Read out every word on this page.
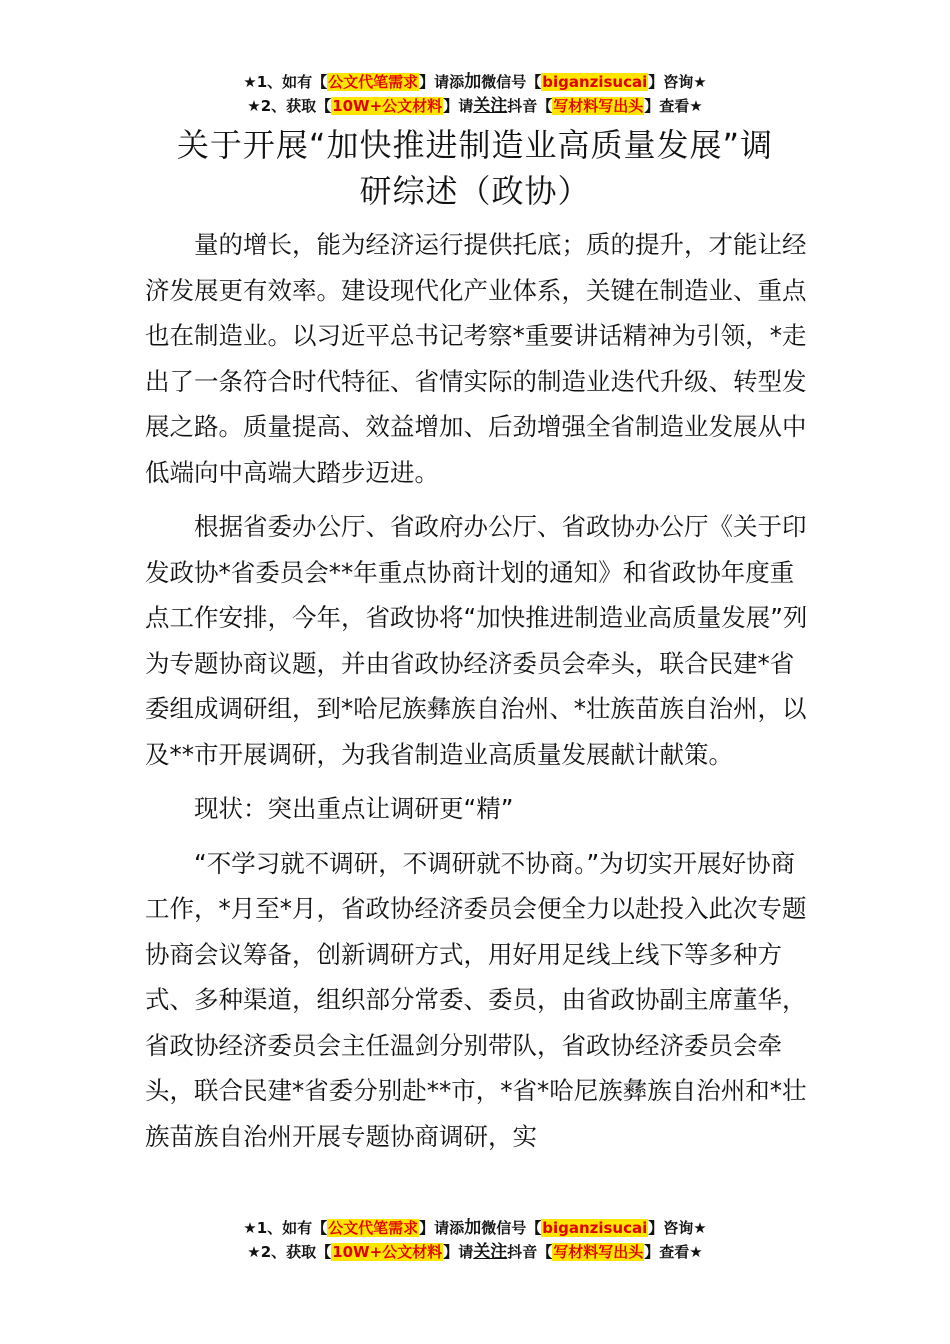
★1、如有【公文代笔需求】请添加微信号【biganzisucai】咨询★
★2、获取【10W+公文材料】请关注抖音【写材料写出头】查看★
关于开展“加快推进制造业高质量发展”调
研综述（政协）

量的增长，能为经济运行提供托底；质的提升，才能让经济发展更有效率。建设现代化产业体系，关键在制造业、重点也在制造业。以习近平总书记考察*重要讲话精神为引领，*走出了一条符合时代特征、省情实际的制造业迭代升级、转型发展之路。质量提高、效益增加、后劲增强全省制造业发展从中低端向中高端大踏步迈进。

根据省委办公厅、省政府办公厅、省政协办公厅《关于印发政协*省委员会**年重点协商计划的通知》和省政协年度重点工作安排，今年，省政协将“加快推进制造业高质量发展”列为专题协商议题，并由省政协经济委员会牵头，联合民建*省委组成调研组，到*哈尼族彝族自治州、*壮族苗族自治州，以及**市开展调研，为我省制造业高质量发展献计献策。

现状：突出重点让调研更“精”

“不学习就不调研，不调研就不协商。”为切实开展好协商工作，*月至*月，省政协经济委员会便全力以赴投入此次专题协商会议筹备，创新调研方式，用好用足线上线下等多种方式、多种渠道，组织部分常委、委员，由省政协副主席董华，省政协经济委员会主任温剑分别带队，省政协经济委员会牵头，联合民建*省委分别赴**市，*省*哈尼族彝族自治州和*壮族苗族自治州开展专题协商调研，实

★1、如有【公文代笔需求】请添加微信号【biganzisucai】咨询★
★2、获取【10W+公文材料】请关注抖音【写材料写出头】查看★
